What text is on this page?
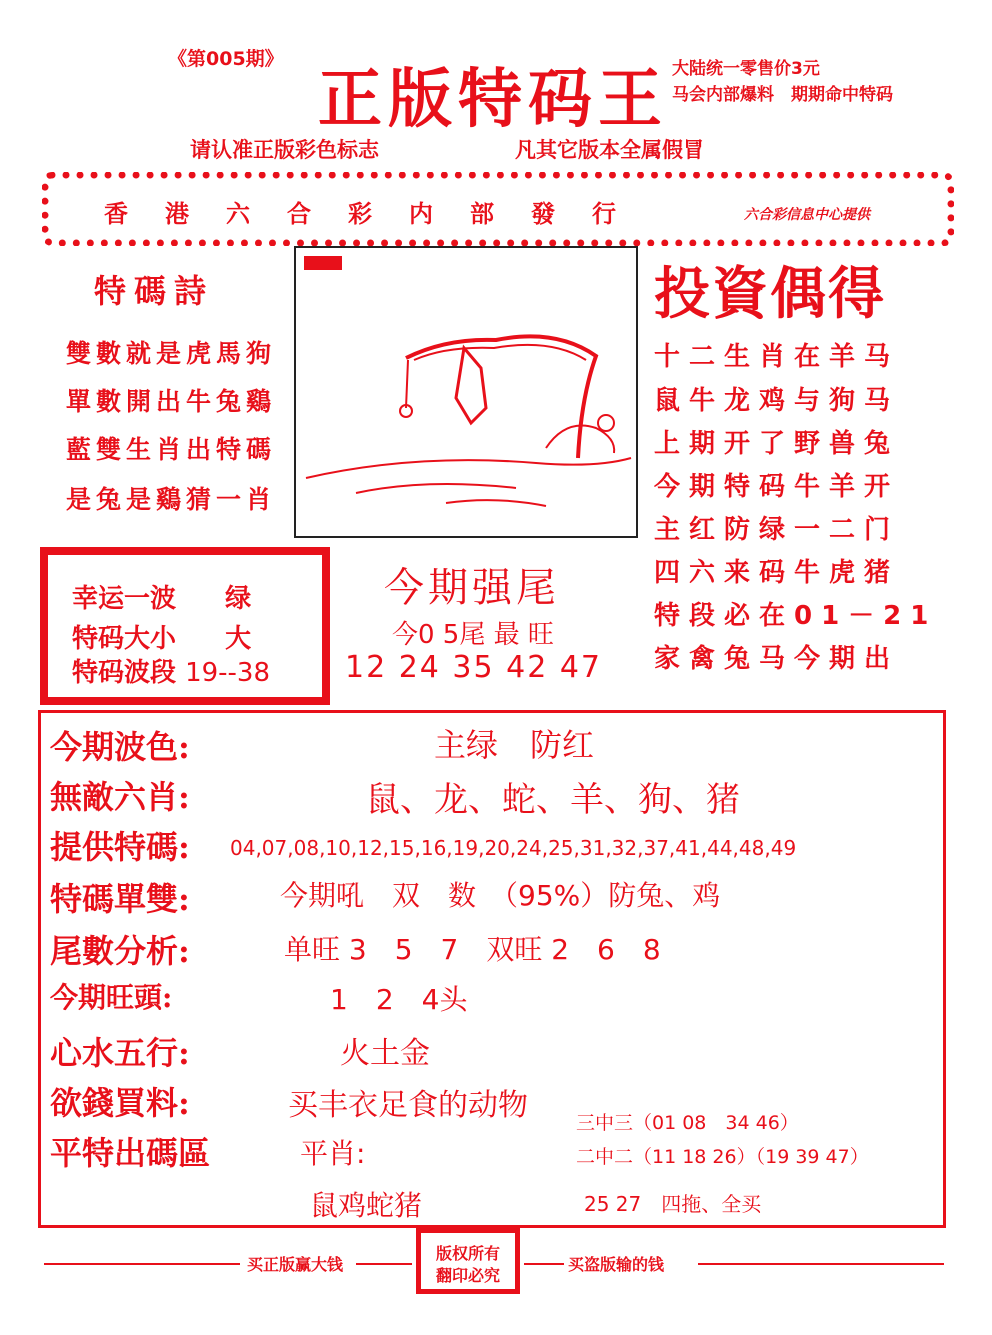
《第005期》
正版特码王 大陆统一零售价3元
马会内部爆料　期期命中特码
请认准正版彩色标志	凡其它版本全属假冒
香港六合彩内部發行	六合彩信息中心提供
特碼詩
雙數就是虎馬狗
單數開出牛兔鷄
藍雙生肖出特碼
是兔是鷄猜一肖
投資偶得
十二生肖在羊马
鼠牛龙鸡与狗马
上期开了野兽兔
今期特码牛羊开
主红防绿一二门
四六来码牛虎猪
特段必在01－21
家禽兔马今期出
幸运一波 绿
特码大小 大
特码波段 19--38
今期强尾
今0 5尾 最 旺
12 24 35 42 47
今期波色:	主绿　防红
無敵六肖:	鼠、龙、蛇、羊、狗、猪
提供特碼: 04,07,08,10,12,15,16,19,20,24,25,31,32,37,41,44,48,49
特碼單雙:	今期吼　双　数　（95%）防兔、鸡
尾數分析:	单旺 3　5　7　双旺 2　6　8
今期旺頭:	1　2　4头
心水五行:	火土金
欲錢買料:	买丰衣足食的动物
平特出碼區	平肖:
鼠鸡蛇猪
三中三（01 08　34 46）
二中二（11 18 26）（19 39 47）
25 27　四拖、全买
买正版赢大钱
版权所有
翻印必究
买盗版输的钱
